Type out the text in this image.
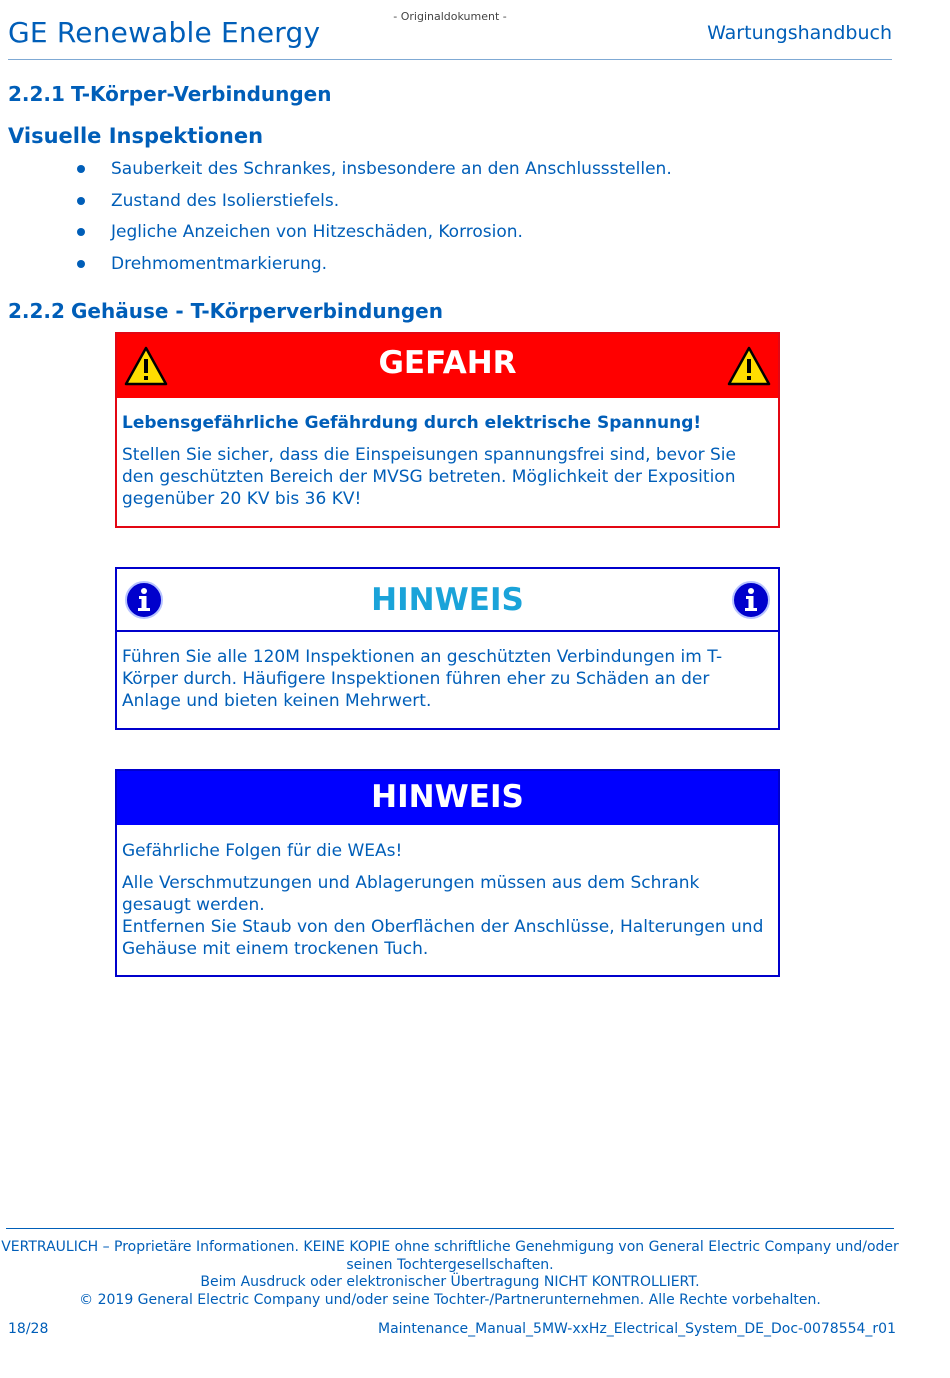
- Originaldokument -
GE Renewable Energy	Wartungshandbuch
2.2.1 T-Körper-Verbindungen
Visuelle Inspektionen
Sauberkeit des Schrankes, insbesondere an den Anschlussstellen.
Zustand des Isolierstiefels.
Jegliche Anzeichen von Hitzeschäden, Korrosion.
Drehmomentmarkierung.
2.2.2 Gehäuse - T-Körperverbindungen
GEFAHR
Lebensgefährliche Gefährdung durch elektrische Spannung!
Stellen Sie sicher, dass die Einspeisungen spannungsfrei sind, bevor Sie den geschützten Bereich der MVSG betreten. Möglichkeit der Exposition gegenüber 20 KV bis 36 KV!
HINWEIS
Führen Sie alle 120M Inspektionen an geschützten Verbindungen im T-Körper durch. Häufigere Inspektionen führen eher zu Schäden an der Anlage und bieten keinen Mehrwert.
HINWEIS
Gefährliche Folgen für die WEAs!
Alle Verschmutzungen und Ablagerungen müssen aus dem Schrank gesaugt werden.
Entfernen Sie Staub von den Oberflächen der Anschlüsse, Halterungen und Gehäuse mit einem trockenen Tuch.
VERTRAULICH – Proprietäre Informationen. KEINE KOPIE ohne schriftliche Genehmigung von General Electric Company und/oder
seinen Tochtergesellschaften.
Beim Ausdruck oder elektronischer Übertragung NICHT KONTROLLIERT.
© 2019 General Electric Company und/oder seine Tochter-/Partnerunternehmen. Alle Rechte vorbehalten.
18/28	Maintenance_Manual_5MW-xxHz_Electrical_System_DE_Doc-0078554_r01
